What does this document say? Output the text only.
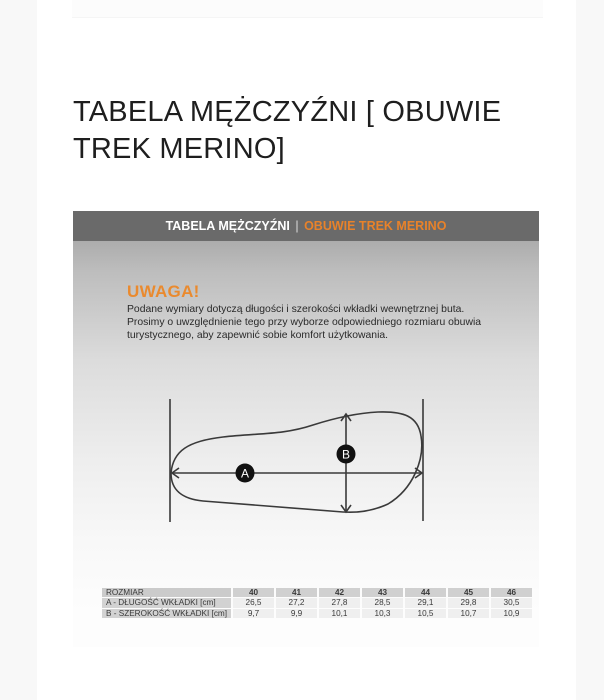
TABELA MĘŻCZYŹNI [ OBUWIE TREK MERINO]
TABELA MĘŻCZYŹNI | OBUWIE TREK MERINO
UWAGA!
Podane wymiary dotyczą długości i szerokości wkładki wewnętrznej buta.
Prosimy o uwzględnienie tego przy wyborze odpowiedniego rozmiaru obuwia
turystycznego, aby zapewnić sobie komfort użytkowania.
A
B
ROZMIAR	40	41	42	43	44	45	46
A - DŁUGOŚĆ WKŁADKI [cm]	26,5	27,2	27,8	28,5	29,1	29,8	30,5
B - SZEROKOŚĆ WKŁADKI [cm]	9,7	9,9	10,1	10,3	10,5	10,7	10,9
